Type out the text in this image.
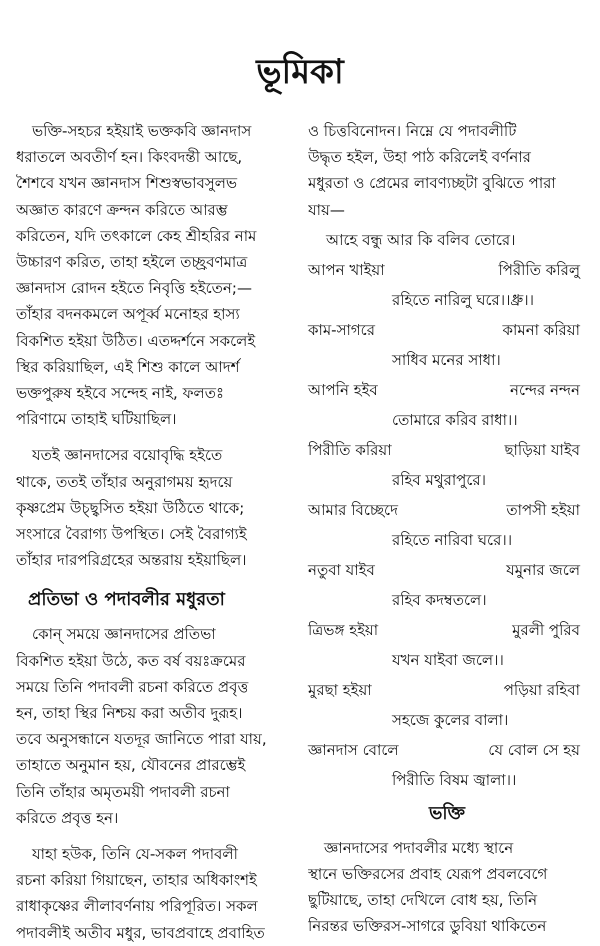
ভূমিকা

ভক্তি-সহচর হইয়াই ভক্তকবি জ্ঞানদাস
ধরাতলে অবতীর্ণ হন। কিংবদন্তী আছে,
শৈশবে যখন জ্ঞানদাস শিশুস্বভাবসুলভ
অজ্ঞাত কারণে ক্রন্দন করিতে আরম্ভ
করিতেন, যদি তৎকালে কেহ শ্রীহরির নাম
উচ্চারণ করিত, তাহা হইলে তচ্ছ্রবণমাত্র
জ্ঞানদাস রোদন হইতে নিবৃত্তি হইতেন;—
তাঁহার বদনকমলে অপূর্ব্ব মনোহর হাস্য
বিকশিত হইয়া উঠিত। এতদ্দর্শনে সকলেই
স্থির করিয়াছিল, এই শিশু কালে আদর্শ
ভক্তপুরুষ হইবে সন্দেহ নাই, ফলতঃ
পরিণামে তাহাই ঘটিয়াছিল।

যতই জ্ঞানদাসের বয়োবৃদ্ধি হইতে
থাকে, ততই তাঁহার অনুরাগময় হৃদয়ে
কৃষ্ণপ্রেম উচ্ছ্বসিত হইয়া উঠিতে থাকে;
সংসারে বৈরাগ্য উপস্থিত। সেই বৈরাগ্যই
তাঁহার দারপরিগ্রহের অন্তরায় হইয়াছিল।

প্রতিভা ও পদাবলীর মধুরতা

কোন্ সময়ে জ্ঞানদাসের প্রতিভা
বিকশিত হইয়া উঠে, কত বর্ষ বয়ঃক্রমের
সময়ে তিনি পদাবলী রচনা করিতে প্রবৃত্ত
হন, তাহা স্থির নিশ্চয় করা অতীব দুরূহ।
তবে অনুসন্ধানে যতদূর জানিতে পারা যায়,
তাহাতে অনুমান হয়, যৌবনের প্রারম্ভেই
তিনি তাঁহার অমৃতময়ী পদাবলী রচনা
করিতে প্রবৃত্ত হন।

যাহা হউক, তিনি যে-সকল পদাবলী
রচনা করিয়া গিয়াছেন, তাহার অধিকাংশই
রাধাকৃষ্ণের লীলাবর্ণনায় পরিপূরিত। সকল
পদাবলীই অতীব মধুর, ভাবপ্রবাহে প্রবাহিত

ও চিত্তবিনোদন। নিম্নে যে পদাবলীটি
উদ্ধৃত হইল, উহা পাঠ করিলেই বর্ণনার
মধুরতা ও প্রেমের লাবণ্যচ্ছটা বুঝিতে পারা
যায়—

আহে বন্ধু আর কি বলিব তোরে।
আপন খাইয়া	পিরীতি করিলু
রহিতে নারিলু ঘরে।।ধ্রু।।
কাম-সাগরে	কামনা করিয়া
সাধিব মনের সাধা।
আপনি হইব	নন্দের নন্দন
তোমারে করিব রাধা।।
পিরীতি করিয়া	ছাড়িয়া যাইব
রহিব মথুরাপুরে।
আমার বিচ্ছেদে	তাপসী হইয়া
রহিতে নারিবা ঘরে।।
নতুবা যাইব	যমুনার জলে
রহিব কদম্বতলে।
ত্রিভঙ্গ হইয়া	মুরলী পুরিব
যখন যাইবা জলে।।
মুরছা হইয়া	পড়িয়া রহিবা
সহজে কুলের বালা।
জ্ঞানদাস বোলে	যে বোল সে হয়
পিরীতি বিষম জ্বালা।।
ভক্তি

জ্ঞানদাসের পদাবলীর মধ্যে স্থানে
স্থানে ভক্তিরসের প্রবাহ যেরূপ প্রবলবেগে
ছুটিয়াছে, তাহা দেখিলে বোধ হয়, তিনি
নিরন্তর ভক্তিরস-সাগরে ডুবিয়া থাকিতেন
